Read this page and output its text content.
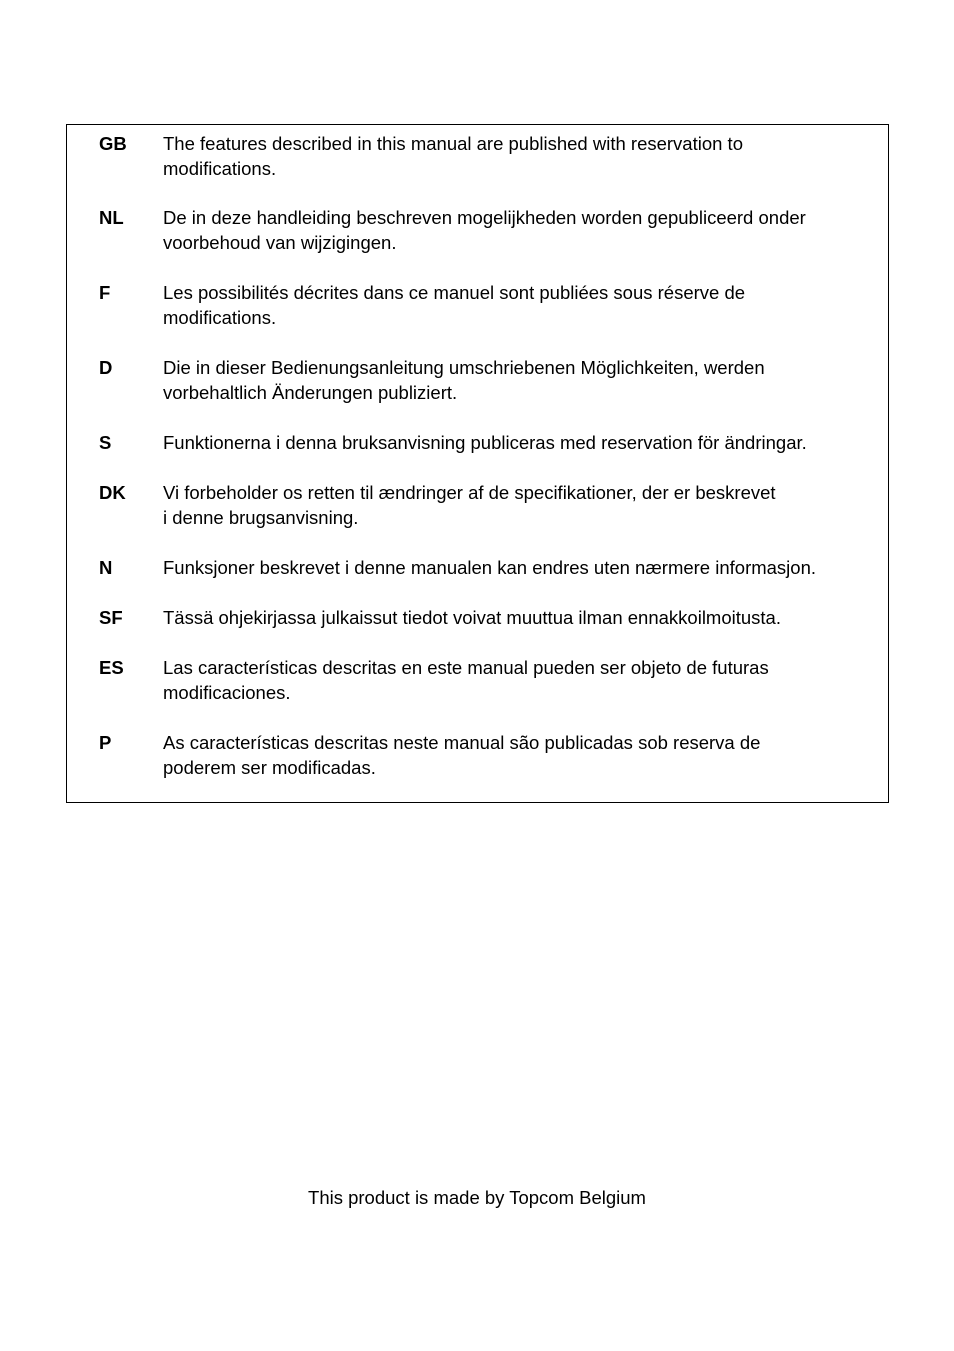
GB The features described in this manual are published with reservation to
modifications.
NL De in deze handleiding beschreven mogelijkheden worden gepubliceerd onder
voorbehoud van wijzigingen.
F	Les possibilités décrites dans ce manuel sont publiées sous réserve de
modifications.
D	Die in dieser Bedienungsanleitung umschriebenen Möglichkeiten, werden
vorbehaltlich Änderungen publiziert.
S	Funktionerna i denna bruksanvisning publiceras med reservation för ändringar.
DK Vi forbeholder os retten til ændringer af de specifikationer, der er beskrevet
i denne brugsanvisning.
N	Funksjoner beskrevet i denne manualen kan endres uten nærmere informasjon.
SF Tässä ohjekirjassa julkaissut tiedot voivat muuttua ilman ennakkoilmoitusta.
ES Las características descritas en este manual pueden ser objeto de futuras
modificaciones.
P	As características descritas neste manual são publicadas sob reserva de
poderem ser modificadas.
This product is made by Topcom Belgium
